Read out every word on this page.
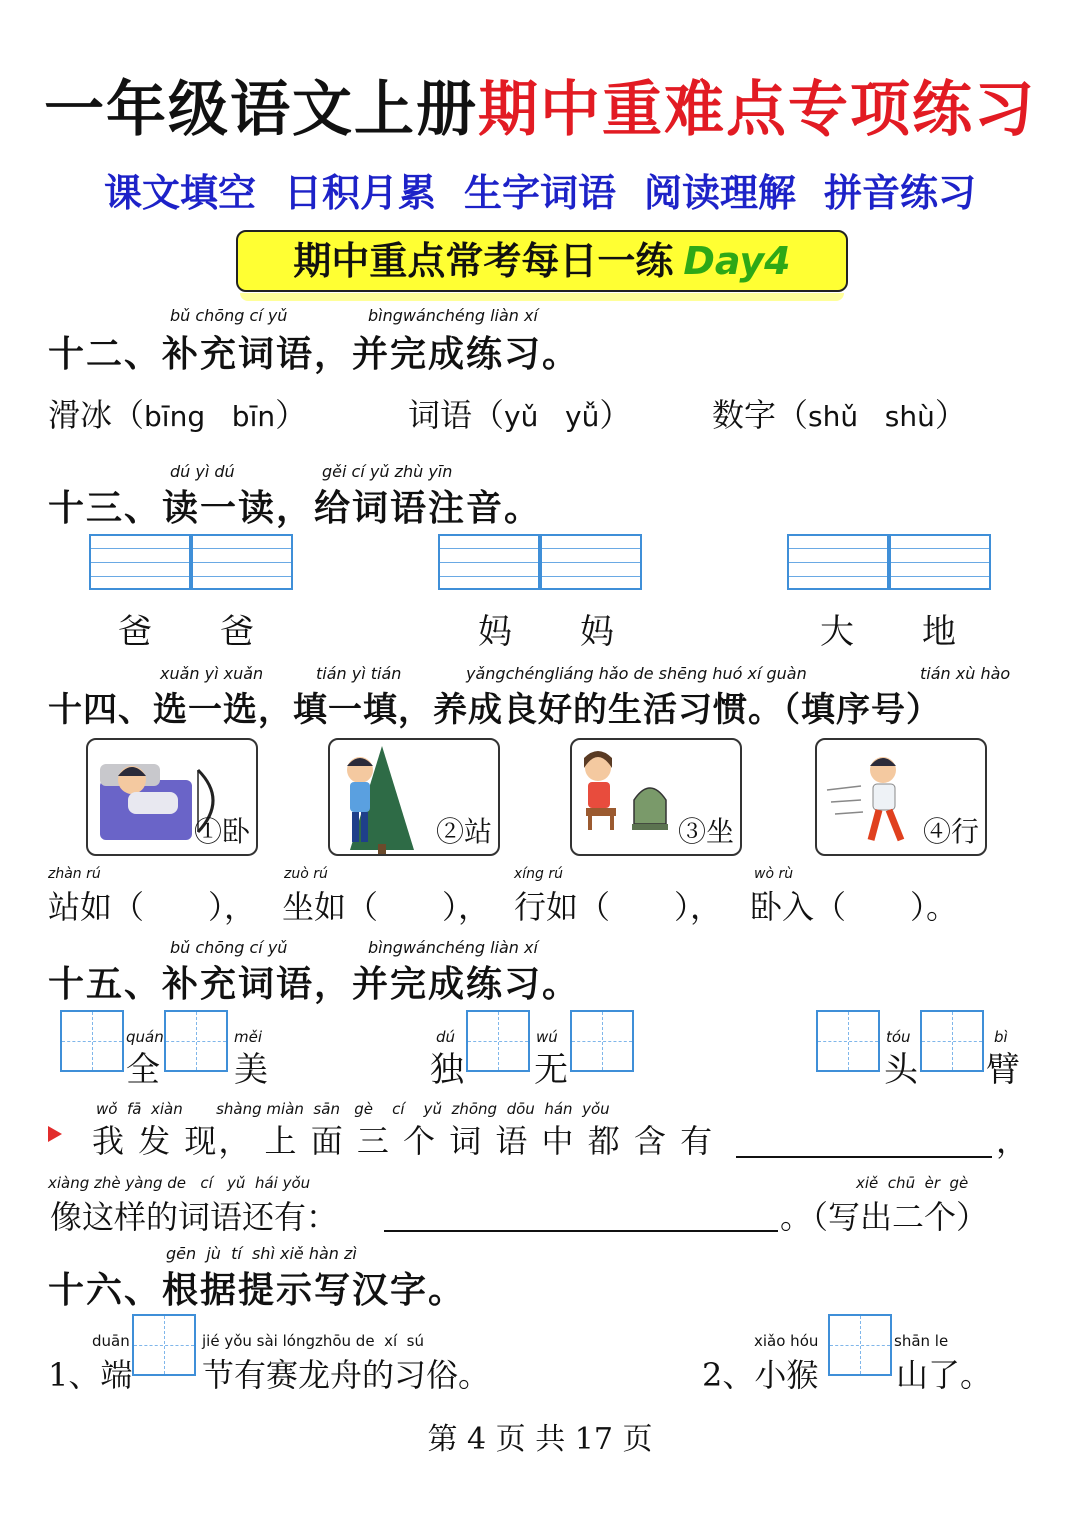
一年级语文上册期中重难点专项练习
课文填空 日积月累 生字词语 阅读理解 拼音练习
期中重点常考每日一练 Day4
bǔ chōng cí yǔ	bìngwánchéng liàn xí
十二、补充词语，并完成练习。
滑冰（bīng   bīn）	词语（yǔ   yǚ）	数字（shǔ   shù）
dú yì dú	gěi cí yǔ zhù yīn
十三、读一读，给词语注音。
爸　　爸	妈　　妈	大　　地
xuǎn yì xuǎn	tián yì tián	yǎngchéngliáng hǎo de shēng huó xí guàn	tián xù hào
十四、选一选，填一填，养成良好的生活习惯。（填序号）
①卧	②站	③坐	④行
zhàn rú	zuò rú	xíng rú	wò rù
站如（　　）， 坐如（　　）， 行如（　　）， 卧入（　　）。
bǔ chōng cí yǔ	bìngwánchéng liàn xí
十五、补充词语，并完成练习。
quán
全
měi
美
dú
独
wú
无
tóu
头
bì
臂
wǒ  fā  xiàn       shàng miàn  sān   gè    cí    yǔ  zhōng  dōu  hán  yǒu
我 发 现， 上 面 三 个 词 语 中 都 含 有	，
xiàng zhè yàng de   cí   yǔ  hái yǒu
像这样的词语还有：
xiě  chū  èr  gè
。（写出二个）
gēn  jù  tí  shì xiě hàn zì
十六、根据提示写汉字。
duān
1、端
jié yǒu sài lóngzhōu de  xí  sú
节有赛龙舟的习俗。
xiǎo hóu
2、小猴
shān le
山了。
第 4 页 共 17 页
